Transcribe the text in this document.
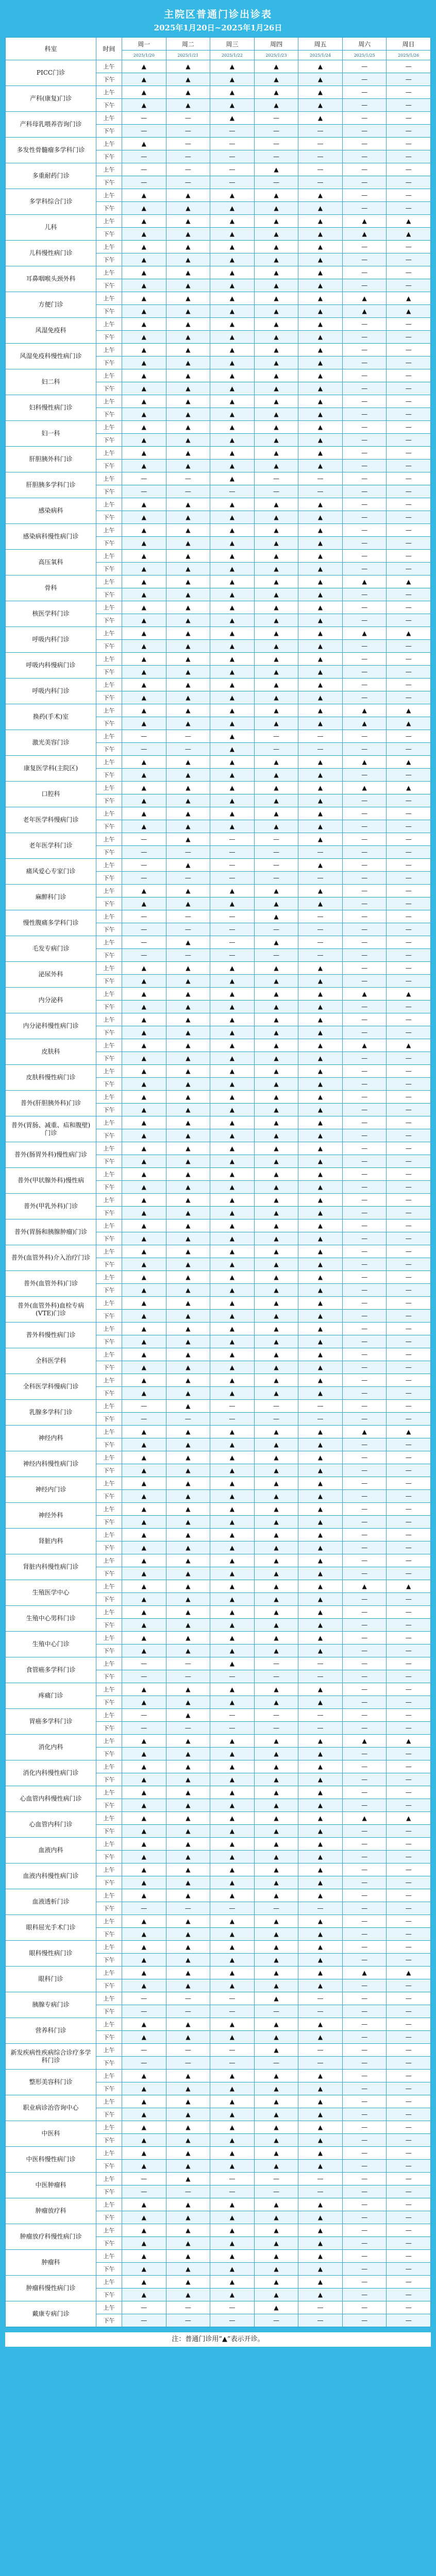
主院区普通门诊出诊表
2025年1月20日~2025年1月26日
科室	时间	周一	周二	周三	周四	周五	周六	周日
		2025/1/20	2025/1/21	2025/1/22	2025/1/23	2025/1/24	2025/1/25	2025/1/26
PICC门诊	上午	▲	▲	▲	▲	▲	—	—
	下午	▲	▲	▲	▲	▲	—	—
产科(康复)门诊	上午	▲	▲	▲	▲	▲	—	—
	下午	▲	▲	▲	▲	▲	—	—
产科母乳喂养咨询门诊	上午	—	—	▲	—	▲	—	—
	下午	—	—	—	—	—	—	—
多发性骨髓瘤多学科门诊	上午	▲	—	—	—	—	—	—
	下午	—	—	—	—	—	—	—
多重耐药门诊	上午	—	—	—	▲	—	—	—
	下午	—	—	—	—	—	—	—
多学科综合门诊	上午	▲	▲	▲	▲	▲	—	—
	下午	▲	▲	▲	▲	▲	—	—
儿科	上午	▲	▲	▲	▲	▲	▲	▲
	下午	▲	▲	▲	▲	▲	▲	▲
儿科慢性病门诊	上午	▲	▲	▲	▲	▲	—	—
	下午	▲	▲	▲	▲	▲	—	—
耳鼻咽喉头颈外科	上午	▲	▲	▲	▲	▲	—	—
	下午	▲	▲	▲	▲	▲	—	—
方便门诊	上午	▲	▲	▲	▲	▲	▲	▲
	下午	▲	▲	▲	▲	▲	▲	▲
风湿免疫科	上午	▲	▲	▲	▲	▲	—	—
	下午	▲	▲	▲	▲	▲	—	—
风湿免疫科慢性病门诊	上午	▲	▲	▲	▲	▲	—	—
	下午	▲	▲	▲	▲	▲	—	—
妇二科	上午	▲	▲	▲	▲	▲	—	—
	下午	▲	▲	▲	▲	▲	—	—
妇科慢性病门诊	上午	▲	▲	▲	▲	▲	—	—
	下午	▲	▲	▲	▲	▲	—	—
妇一科	上午	▲	▲	▲	▲	▲	—	—
	下午	▲	▲	▲	▲	▲	—	—
肝胆胰外科门诊	上午	▲	▲	▲	▲	▲	—	—
	下午	▲	▲	▲	▲	▲	—	—
肝胆胰多学科门诊	上午	—	—	▲	—	—	—	—
	下午	—	—	—	—	—	—	—
感染病科	上午	▲	▲	▲	▲	▲	—	—
	下午	▲	▲	▲	▲	▲	—	—
感染病科慢性病门诊	上午	▲	▲	▲	▲	▲	—	—
	下午	▲	▲	▲	▲	▲	—	—
高压氧科	上午	▲	▲	▲	▲	▲	—	—
	下午	▲	▲	▲	▲	▲	—	—
骨科	上午	▲	▲	▲	▲	▲	▲	▲
	下午	▲	▲	▲	▲	▲	—	—
核医学科门诊	上午	▲	▲	▲	▲	▲	—	—
	下午	▲	▲	▲	▲	▲	—	—
呼吸内科门诊	上午	▲	▲	▲	▲	▲	▲	▲
	下午	▲	▲	▲	▲	▲	—	—
呼吸内科慢病门诊	上午	▲	▲	▲	▲	▲	—	—
	下午	▲	▲	▲	▲	▲	—	—
呼吸内科门诊	上午	▲	▲	▲	▲	▲	—	—
	下午	▲	▲	▲	▲	▲	—	—
换药(手术)室	上午	▲	▲	▲	▲	▲	▲	▲
	下午	▲	▲	▲	▲	▲	▲	▲
激光美容门诊	上午	—	—	▲	—	—	—	—
	下午	—	—	▲	—	—	—	—
康复医学科(主院区)	上午	▲	▲	▲	▲	▲	▲	▲
	下午	▲	▲	▲	▲	▲	—	—
口腔科	上午	▲	▲	▲	▲	▲	▲	▲
	下午	▲	▲	▲	▲	▲	—	—
老年医学科慢病门诊	上午	▲	▲	▲	▲	▲	—	—
	下午	▲	▲	▲	▲	▲	—	—
老年医学科门诊	上午	—	▲	—	—	▲	—	—
	下午	—	—	—	—	—	—	—
痛风爱心专家门诊	上午	—	▲	—	—	▲	—	—
	下午	—	—	—	—	—	—	—
麻醉科门诊	上午	▲	▲	▲	▲	▲	—	—
	下午	▲	▲	▲	▲	▲	—	—
慢性腹痛多学科门诊	上午	—	—	—	▲	—	—	—
	下午	—	—	—	—	—	—	—
毛发专病门诊	上午	—	▲	—	▲	—	—	—
	下午	—	—	—	—	—	—	—
泌尿外科	上午	▲	▲	▲	▲	▲	—	—
	下午	▲	▲	▲	▲	▲	—	—
内分泌科	上午	▲	▲	▲	▲	▲	▲	▲
	下午	▲	▲	▲	▲	▲	—	—
内分泌科慢性病门诊	上午	▲	▲	▲	▲	▲	—	—
	下午	▲	▲	▲	▲	▲	—	—
皮肤科	上午	▲	▲	▲	▲	▲	▲	▲
	下午	▲	▲	▲	▲	▲	—	—
皮肤科慢性病门诊	上午	▲	▲	▲	▲	▲	—	—
	下午	▲	▲	▲	▲	▲	—	—
普外(肝胆胰外科)门诊	上午	▲	▲	▲	▲	▲	—	—
	下午	▲	▲	▲	▲	▲	—	—
普外(胃肠、减重、疝和腹壁)门诊	上午	▲	▲	▲	▲	▲	—	—
	下午	▲	▲	▲	▲	▲	—	—
普外(肠胃外科)慢性病门诊	上午	▲	▲	▲	▲	▲	—	—
	下午	▲	▲	▲	▲	▲	—	—
普外(甲状腺外科)慢性病	上午	▲	▲	▲	▲	▲	—	—
	下午	▲	▲	▲	▲	▲	—	—
普外(甲乳外科)门诊	上午	▲	▲	▲	▲	▲	—	—
	下午	▲	▲	▲	▲	▲	—	—
普外(胃肠和胰腺肿瘤)门诊	上午	▲	▲	▲	▲	▲	—	—
	下午	▲	▲	▲	▲	▲	—	—
普外(血管外科)介入治疗门诊	上午	▲	▲	▲	▲	▲	—	—
	下午	▲	▲	▲	▲	▲	—	—
普外(血管外科)门诊	上午	▲	▲	▲	▲	▲	—	—
	下午	▲	▲	▲	▲	▲	—	—
普外(血管外科)血栓专病(VTE)门诊	上午	▲	▲	▲	▲	▲	—	—
	下午	▲	▲	▲	▲	▲	—	—
普外科慢性病门诊	上午	▲	▲	▲	▲	▲	—	—
	下午	▲	▲	▲	▲	▲	—	—
全科医学科	上午	▲	▲	▲	▲	▲	—	—
	下午	▲	▲	▲	▲	▲	—	—
全科医学科慢病门诊	上午	▲	▲	▲	▲	▲	—	—
	下午	▲	▲	▲	▲	▲	—	—
乳腺多学科门诊	上午	—	▲	—	—	—	—	—
	下午	—	—	—	—	—	—	—
神经内科	上午	▲	▲	▲	▲	▲	▲	▲
	下午	▲	▲	▲	▲	▲	—	—
神经内科慢性病门诊	上午	▲	▲	▲	▲	▲	—	—
	下午	▲	▲	▲	▲	▲	—	—
神经内门诊	上午	▲	▲	▲	▲	▲	—	—
	下午	▲	▲	▲	▲	▲	—	—
神经外科	上午	▲	▲	▲	▲	▲	—	—
	下午	▲	▲	▲	▲	▲	—	—
肾脏内科	上午	▲	▲	▲	▲	▲	—	—
	下午	▲	▲	▲	▲	▲	—	—
肾脏内科慢性病门诊	上午	▲	▲	▲	▲	▲	—	—
	下午	▲	▲	▲	▲	▲	—	—
生殖医学中心	上午	▲	▲	▲	▲	▲	▲	▲
	下午	▲	▲	▲	▲	▲	—	—
生殖中心男科门诊	上午	▲	▲	▲	▲	▲	—	—
	下午	▲	▲	▲	▲	▲	—	—
生殖中心门诊	上午	▲	▲	▲	▲	▲	—	—
	下午	▲	▲	▲	▲	▲	—	—
食管癌多学科门诊	上午	—	—	▲	—	—	—	—
	下午	—	—	—	—	—	—	—
疼痛门诊	上午	▲	▲	▲	▲	▲	—	—
	下午	▲	▲	▲	▲	▲	—	—
胃癌多学科门诊	上午	—	▲	—	—	—	—	—
	下午	—	—	—	—	—	—	—
消化内科	上午	▲	▲	▲	▲	▲	▲	▲
	下午	▲	▲	▲	▲	▲	—	—
消化内科慢性病门诊	上午	▲	▲	▲	▲	▲	—	—
	下午	▲	▲	▲	▲	▲	—	—
心血管内科慢性病门诊	上午	▲	▲	▲	▲	▲	—	—
	下午	▲	▲	▲	▲	▲	—	—
心血管内科门诊	上午	▲	▲	▲	▲	▲	▲	▲
	下午	▲	▲	▲	▲	▲	—	—
血液内科	上午	▲	▲	▲	▲	▲	—	—
	下午	▲	▲	▲	▲	▲	—	—
血液内科慢性病门诊	上午	▲	▲	▲	▲	▲	—	—
	下午	▲	▲	▲	▲	▲	—	—
血液透析门诊	上午	▲	▲	▲	▲	▲	—	—
	下午	—	—	—	—	—	—	—
眼科屈光手术门诊	上午	▲	▲	▲	▲	▲	—	—
	下午	▲	▲	▲	▲	▲	—	—
眼科慢性病门诊	上午	▲	▲	▲	▲	▲	—	—
	下午	▲	▲	▲	▲	▲	—	—
眼科门诊	上午	▲	▲	▲	▲	▲	▲	▲
	下午	▲	▲	▲	▲	▲	—	—
胰腺专病门诊	上午	—	—	—	▲	—	—	—
	下午	—	—	—	—	—	—	—
营养科门诊	上午	▲	▲	▲	▲	▲	—	—
	下午	▲	▲	▲	▲	▲	—	—
新发疾病性疾病综合诊疗多学科门诊	上午	—	—	—	▲	—	—	—
	下午	—	—	—	—	—	—	—
整形美容科门诊	上午	▲	▲	▲	▲	▲	—	—
	下午	▲	▲	▲	▲	▲	—	—
职业病诊治咨询中心	上午	▲	▲	▲	▲	▲	—	—
	下午	▲	▲	▲	▲	▲	—	—
中医科	上午	▲	▲	▲	▲	▲	—	—
	下午	▲	▲	▲	▲	▲	—	—
中医科慢性病门诊	上午	▲	▲	▲	▲	▲	—	—
	下午	▲	▲	▲	▲	▲	—	—
中医肿瘤科	上午	—	▲	—	—	—	—	—
	下午	—	—	—	—	—	—	—
肿瘤放疗科	上午	▲	▲	▲	▲	▲	—	—
	下午	▲	▲	▲	▲	▲	—	—
肿瘤放疗科慢性病门诊	上午	▲	▲	▲	▲	▲	—	—
	下午	▲	▲	▲	▲	▲	—	—
肿瘤科	上午	▲	▲	▲	▲	▲	—	—
	下午	▲	▲	▲	▲	▲	—	—
肿瘤科慢性病门诊	上午	▲	▲	▲	▲	▲	—	—
	下午	▲	▲	▲	▲	▲	—	—
戴康专病门诊	上午	—	—	—	▲	—	—	—
	下午	—	—	—	—	—	—	—
注：普通门诊用“▲”表示开诊。
